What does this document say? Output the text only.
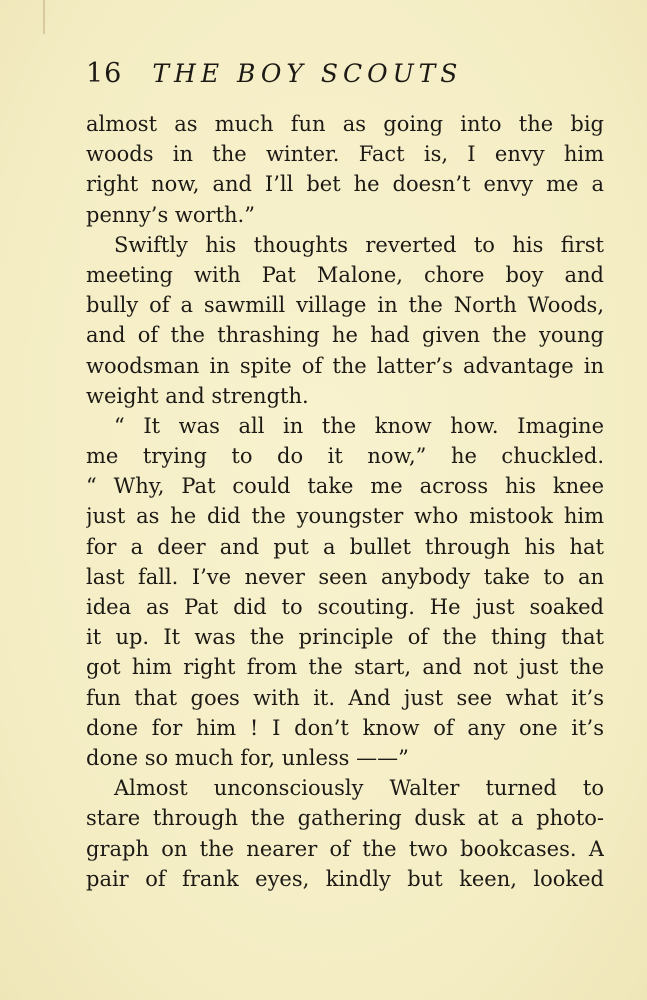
16 THE BOY SCOUTS
almost as much fun as going into the big
woods in the winter. Fact is, I envy him
right now, and I’ll bet he doesn’t envy me a
penny’s worth.”
Swiftly his thoughts reverted to his first
meeting with Pat Malone, chore boy and
bully of a sawmill village in the North Woods,
and of the thrashing he had given the young
woodsman in spite of the latter’s advantage in
weight and strength.
“ It was all in the know how. Imagine
me trying to do it now,” he chuckled.
“ Why, Pat could take me across his knee
just as he did the youngster who mistook him
for a deer and put a bullet through his hat
last fall. I’ve never seen anybody take to an
idea as Pat did to scouting. He just soaked
it up. It was the principle of the thing that
got him right from the start, and not just the
fun that goes with it. And just see what it’s
done for him ! I don’t know of any one it’s
done so much for, unless ——”
Almost unconsciously Walter turned to
stare through the gathering dusk at a photo-
graph on the nearer of the two bookcases. A
pair of frank eyes, kindly but keen, looked
